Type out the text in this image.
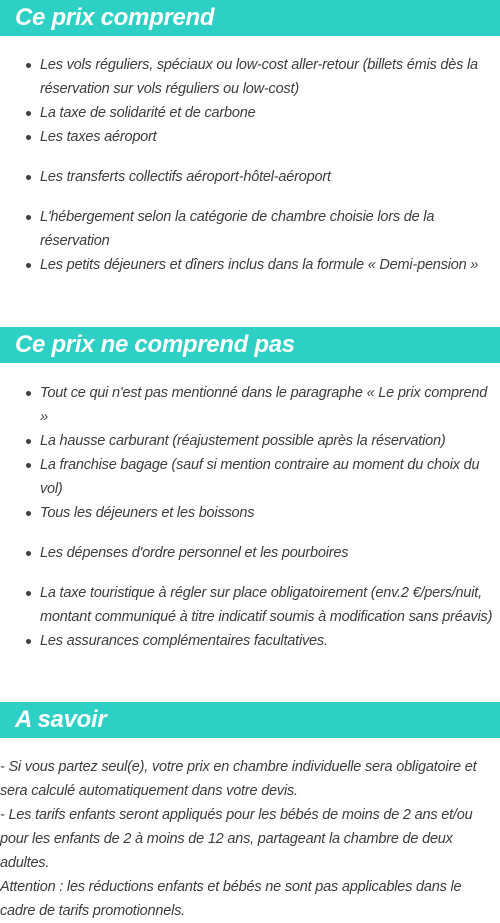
Ce prix comprend
Les vols réguliers, spéciaux ou low-cost aller-retour (billets émis dès la réservation sur vols réguliers ou low-cost)
La taxe de solidarité et de carbone
Les taxes aéroport
Les transferts collectifs aéroport-hôtel-aéroport
L'hébergement selon la catégorie de chambre choisie lors de la réservation
Les petits déjeuners et dîners inclus dans la formule « Demi-pension »
Ce prix ne comprend pas
Tout ce qui n'est pas mentionné dans le paragraphe « Le prix comprend »
La hausse carburant (réajustement possible après la réservation)
La franchise bagage (sauf si mention contraire au moment du choix du vol)
Tous les déjeuners et les boissons
Les dépenses d'ordre personnel et les pourboires
La taxe touristique à régler sur place obligatoirement (env.2 €/pers/nuit, montant communiqué à titre indicatif soumis à modification sans préavis)
Les assurances complémentaires facultatives.
A savoir

- Si vous partez seul(e), votre prix en chambre individuelle sera obligatoire et sera calculé automatiquement dans votre devis.

- Les tarifs enfants seront appliqués pour les bébés de moins de 2 ans et/ou pour les enfants de 2 à moins de 12 ans, partageant la chambre de deux adultes.

Attention : les réductions enfants et bébés ne sont pas applicables dans le cadre de tarifs promotionnels.
